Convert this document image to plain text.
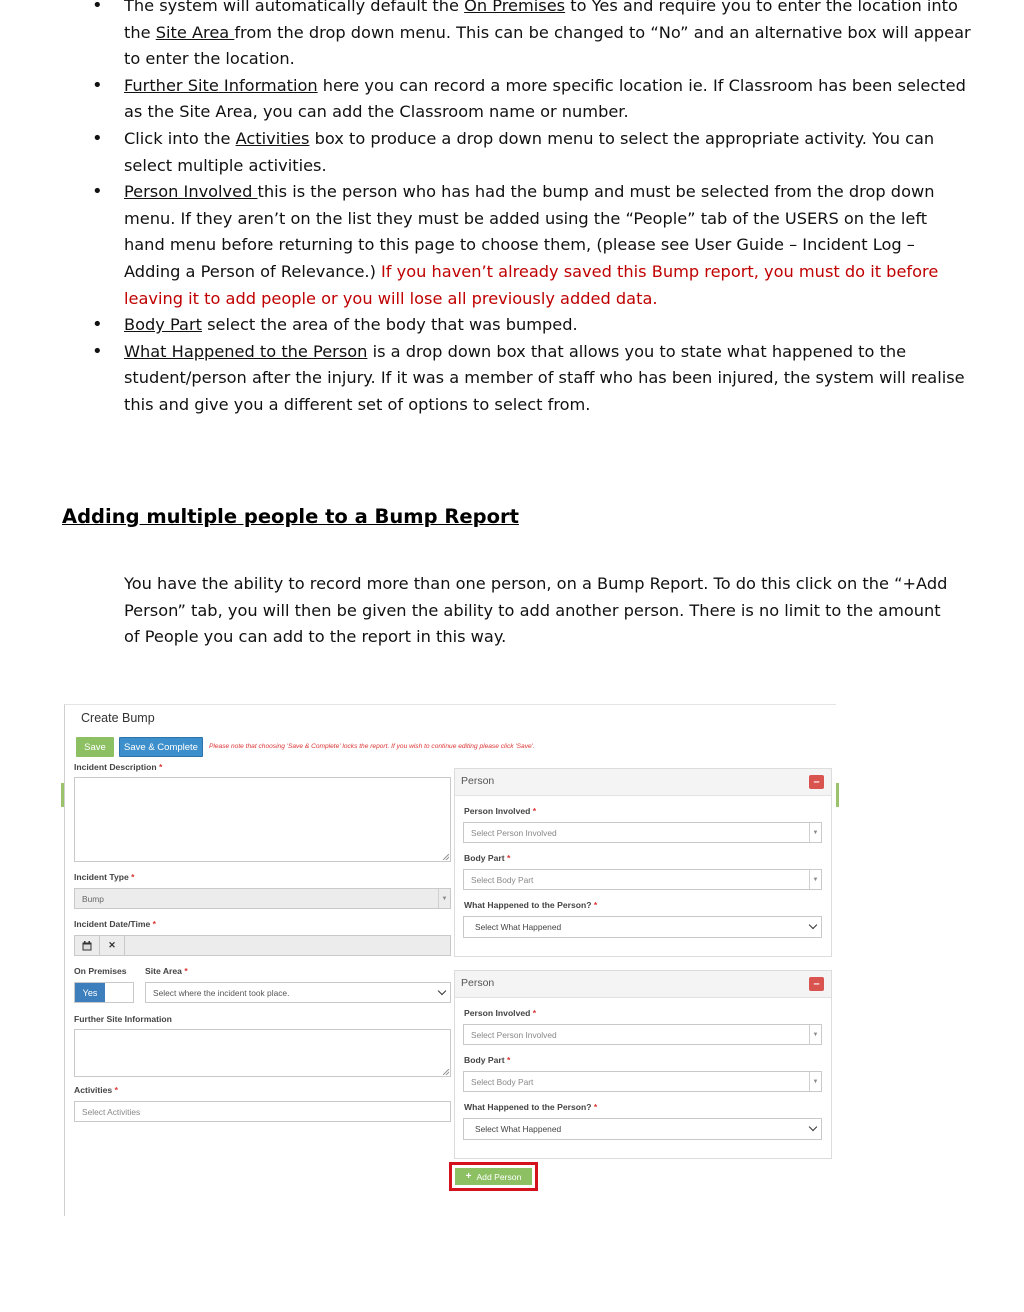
• The system will automatically default the On Premises to Yes and require you to enter the location into the Site Area from the drop down menu. This can be changed to “No” and an alternative box will appear to enter the location.
• Further Site Information here you can record a more specific location ie. If Classroom has been selected as the Site Area, you can add the Classroom name or number.
• Click into the Activities box to produce a drop down menu to select the appropriate activity. You can select multiple activities.
• Person Involved this is the person who has had the bump and must be selected from the drop down menu. If they aren’t on the list they must be added using the “People” tab of the USERS on the left hand menu before returning to this page to choose them, (please see User Guide – Incident Log – Adding a Person of Relevance.) If you haven’t already saved this Bump report, you must do it before leaving it to add people or you will lose all previously added data.
• Body Part select the area of the body that was bumped.
• What Happened to the Person is a drop down box that allows you to state what happened to the student/person after the injury. If it was a member of staff who has been injured, the system will realise this and give you a different set of options to select from.
Adding multiple people to a Bump Report

You have the ability to record more than one person, on a Bump Report. To do this click on the “+Add Person” tab, you will then be given the ability to add another person. There is no limit to the amount of People you can add to the report in this way.

Create Bump
Save	Save & Complete	Please note that choosing 'Save & Complete' locks the report. If you wish to continue editing please click 'Save'.
Incident Description *
Incident Type *
Bump	▼
Incident Date/Time *
✕
On Premises
Yes
Site Area *
Select where the incident took place.
Further Site Information
Activities *
Select Activities
Person	–
Person Involved *
Select Person Involved	▼
Body Part *
Select Body Part	▼
What Happened to the Person? *
Select What Happened
Person	–
Person Involved *
Select Person Involved	▼
Body Part *
Select Body Part	▼
What Happened to the Person? *
Select What Happened
+ Add Person
